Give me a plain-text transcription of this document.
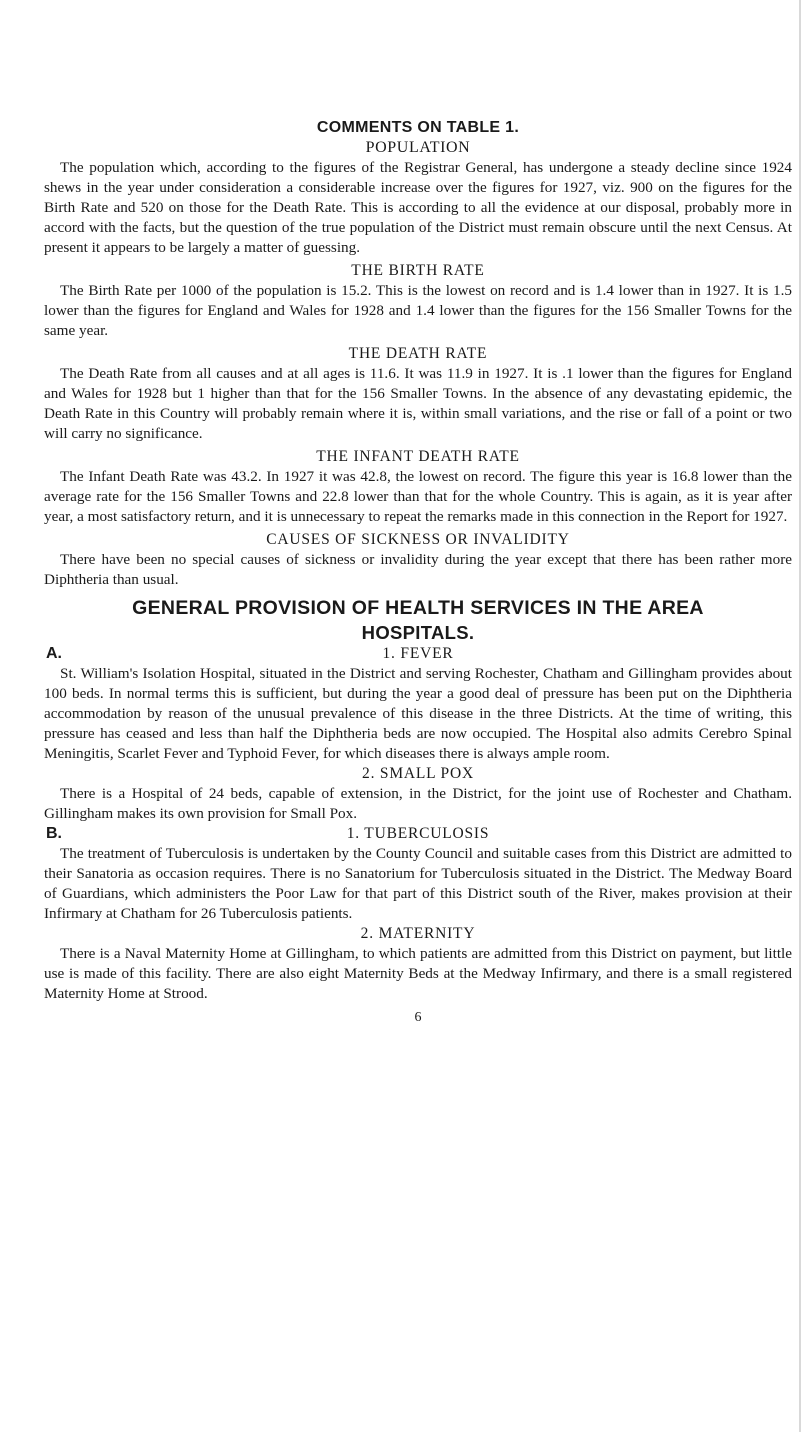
COMMENTS ON TABLE 1.
POPULATION

The population which, according to the figures of the Registrar General, has undergone a steady decline since 1924 shews in the year under consideration a considerable increase over the figures for 1927, viz. 900 on the figures for the Birth Rate and 520 on those for the Death Rate. This is according to all the evidence at our disposal, probably more in accord with the facts, but the question of the true population of the District must remain obscure until the next Census. At present it appears to be largely a matter of guessing.

THE BIRTH RATE

The Birth Rate per 1000 of the population is 15.2. This is the lowest on record and is 1.4 lower than in 1927. It is 1.5 lower than the figures for England and Wales for 1928 and 1.4 lower than the figures for the 156 Smaller Towns for the same year.

THE DEATH RATE

The Death Rate from all causes and at all ages is 11.6. It was 11.9 in 1927. It is .1 lower than the figures for England and Wales for 1928 but 1 higher than that for the 156 Smaller Towns. In the absence of any devastating epidemic, the Death Rate in this Country will probably remain where it is, within small variations, and the rise or fall of a point or two will carry no significance.

THE INFANT DEATH RATE

The Infant Death Rate was 43.2. In 1927 it was 42.8, the lowest on record. The figure this year is 16.8 lower than the average rate for the 156 Smaller Towns and 22.8 lower than that for the whole Country. This is again, as it is year after year, a most satisfactory return, and it is unnecessary to repeat the remarks made in this connection in the Report for 1927.

CAUSES OF SICKNESS OR INVALIDITY

There have been no special causes of sickness or invalidity during the year except that there has been rather more Diphtheria than usual.

GENERAL PROVISION OF HEALTH SERVICES IN THE AREA
HOSPITALS.
A.	1. FEVER

St. William's Isolation Hospital, situated in the District and serving Rochester, Chatham and Gillingham provides about 100 beds. In normal terms this is sufficient, but during the year a good deal of pressure has been put on the Diphtheria accommodation by reason of the unusual prevalence of this disease in the three Districts. At the time of writing, this pressure has ceased and less than half the Diphtheria beds are now occupied. The Hospital also admits Cerebro Spinal Meningitis, Scarlet Fever and Typhoid Fever, for which diseases there is always ample room.

2. SMALL POX

There is a Hospital of 24 beds, capable of extension, in the District, for the joint use of Rochester and Chatham. Gillingham makes its own provision for Small Pox.

B.	1. TUBERCULOSIS

The treatment of Tuberculosis is undertaken by the County Council and suitable cases from this District are admitted to their Sanatoria as occasion requires. There is no Sanatorium for Tuberculosis situated in the District. The Medway Board of Guardians, which administers the Poor Law for that part of this District south of the River, makes provision at their Infirmary at Chatham for 26 Tuberculosis patients.

2. MATERNITY

There is a Naval Maternity Home at Gillingham, to which patients are admitted from this District on payment, but little use is made of this facility. There are also eight Maternity Beds at the Medway Infirmary, and there is a small registered Maternity Home at Strood.

6
